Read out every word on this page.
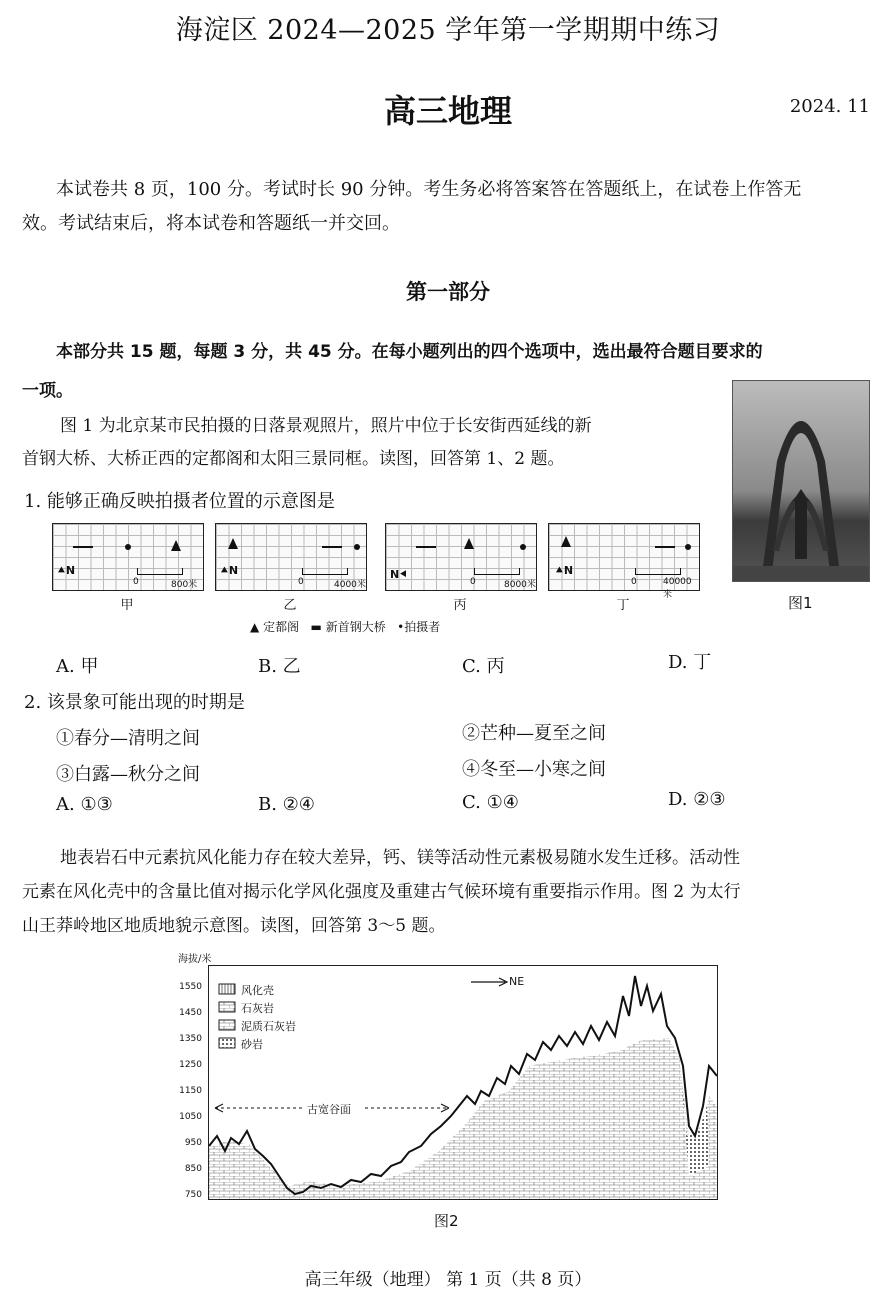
海淀区 2024—2025 学年第一学期期中练习
高三地理	2024. 11
本试卷共 8 页，100 分。考试时长 90 分钟。考生务必将答案答在答题纸上，在试卷上作答无
效。考试结束后，将本试卷和答题纸一并交回。
第一部分
本部分共 15 题，每题 3 分，共 45 分。在每小题列出的四个选项中，选出最符合题目要求的
一项。
图 1 为北京某市民拍摄的日落景观照片，照片中位于长安街西延线的新
首钢大桥、大桥正西的定都阁和太阳三景同框。读图，回答第 1、2 题。
图1
1. 能够正确反映拍摄者位置的示意图是
⯅N
0	800米
甲
⯅N
0	4000米
乙
N⯇
0	8000米
丙
⯅N
0	40000米
丁
▲ 定都阁 ▬ 新首钢大桥 •拍摄者
A. 甲	B. 乙	C. 丙	D. 丁
2. 该景象可能出现的时期是
①春分—清明之间	②芒种—夏至之间
③白露—秋分之间	④冬至—小寒之间
A. ①③	B. ②④	C. ①④	D. ②③
地表岩石中元素抗风化能力存在较大差异，钙、镁等活动性元素极易随水发生迁移。活动性
元素在风化壳中的含量比值对揭示化学风化强度及重建古气候环境有重要指示作用。图 2 为太行
山王莽岭地区地质地貌示意图。读图，回答第 3～5 题。
海拔/米
1550
1450
1350
1250
1150
1050
950
850
750
风化壳
石灰岩
泥质石灰岩
砂岩
NE
古宽谷面
图2
高三年级（地理） 第 1 页（共 8 页）
